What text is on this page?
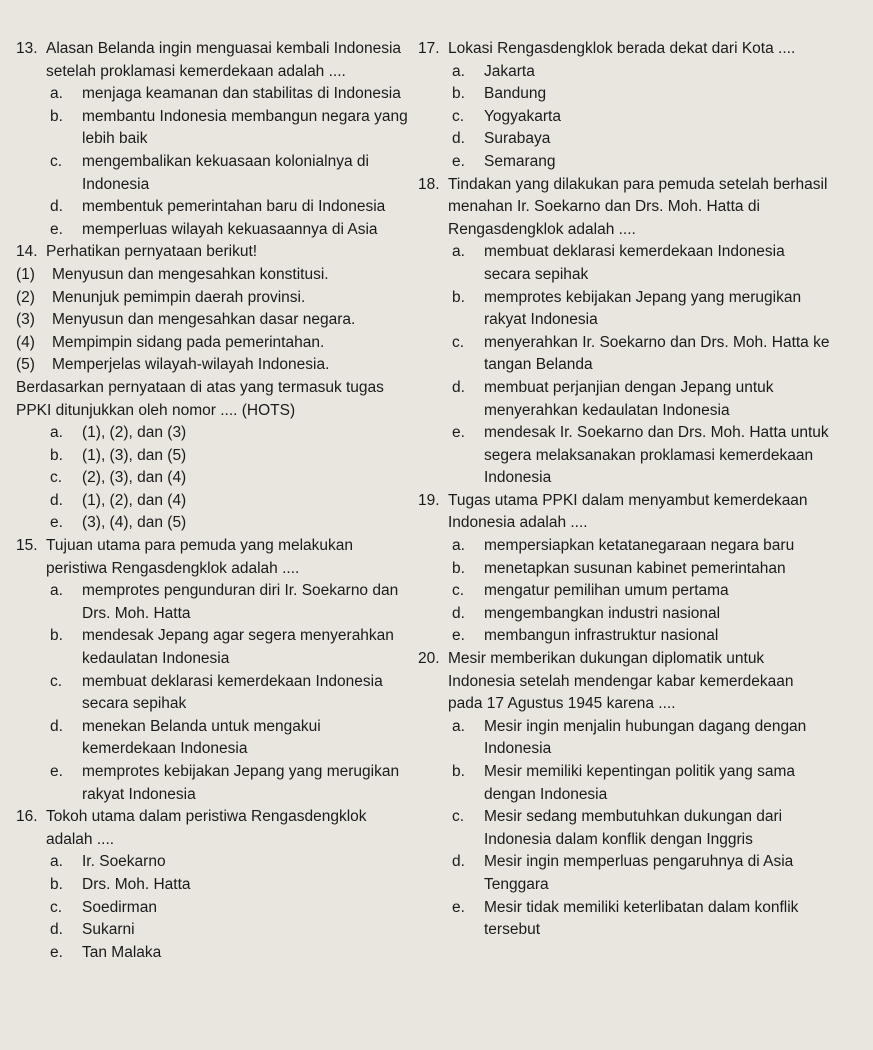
13. Alasan Belanda ingin menguasai kembali Indonesia setelah proklamasi kemerdekaan adalah ....
a.	menjaga keamanan dan stabilitas di Indonesia
b.	membantu Indonesia membangun negara yang lebih baik
c.	mengembalikan kekuasaan kolonialnya di Indonesia
d.	membentuk pemerintahan baru di Indonesia
e.	memperluas wilayah kekuasaannya di Asia
14. Perhatikan pernyataan berikut!
(1)	Menyusun dan mengesahkan konstitusi.
(2)	Menunjuk pemimpin daerah provinsi.
(3)	Menyusun dan mengesahkan dasar negara.
(4)	Mempimpin sidang pada pemerintahan.
(5)	Memperjelas wilayah-wilayah Indonesia.

Berdasarkan pernyataan di atas yang termasuk tugas PPKI ditunjukkan oleh nomor .... (HOTS)

a.	(1), (2), dan (3)
b.	(1), (3), dan (5)
c.	(2), (3), dan (4)
d.	(1), (2), dan (4)
e.	(3), (4), dan (5)
15. Tujuan utama para pemuda yang melakukan peristiwa Rengasdengklok adalah ....
a.	memprotes pengunduran diri Ir. Soekarno dan Drs. Moh. Hatta
b.	mendesak Jepang agar segera menyerahkan kedaulatan Indonesia
c.	membuat deklarasi kemerdekaan Indonesia secara sepihak
d.	menekan Belanda untuk mengakui kemerdekaan Indonesia
e.	memprotes kebijakan Jepang yang merugikan rakyat Indonesia
16. Tokoh utama dalam peristiwa Rengasdengklok adalah ....
a.	Ir. Soekarno
b.	Drs. Moh. Hatta
c.	Soedirman
d.	Sukarni
e.	Tan Malaka
17. Lokasi Rengasdengklok berada dekat dari Kota ....
a.	Jakarta
b.	Bandung
c.	Yogyakarta
d.	Surabaya
e.	Semarang
18. Tindakan yang dilakukan para pemuda setelah berhasil menahan Ir. Soekarno dan Drs. Moh. Hatta di Rengasdengklok adalah ....
a.	membuat deklarasi kemerdekaan Indonesia secara sepihak
b.	memprotes kebijakan Jepang yang merugikan rakyat Indonesia
c.	menyerahkan Ir. Soekarno dan Drs. Moh. Hatta ke tangan Belanda
d.	membuat perjanjian dengan Jepang untuk menyerahkan kedaulatan Indonesia
e.	mendesak Ir. Soekarno dan Drs. Moh. Hatta untuk segera melaksanakan proklamasi kemerdekaan Indonesia
19. Tugas utama PPKI dalam menyambut kemerdekaan Indonesia adalah ....
a.	mempersiapkan ketatanegaraan negara baru
b.	menetapkan susunan kabinet pemerintahan
c.	mengatur pemilihan umum pertama
d.	mengembangkan industri nasional
e.	membangun infrastruktur nasional
20. Mesir memberikan dukungan diplomatik untuk Indonesia setelah mendengar kabar kemerdekaan pada 17 Agustus 1945 karena ....
a.	Mesir ingin menjalin hubungan dagang dengan Indonesia
b.	Mesir memiliki kepentingan politik yang sama dengan Indonesia
c.	Mesir sedang membutuhkan dukungan dari Indonesia dalam konflik dengan Inggris
d.	Mesir ingin memperluas pengaruhnya di Asia Tenggara
e.	Mesir tidak memiliki keterlibatan dalam konflik tersebut
